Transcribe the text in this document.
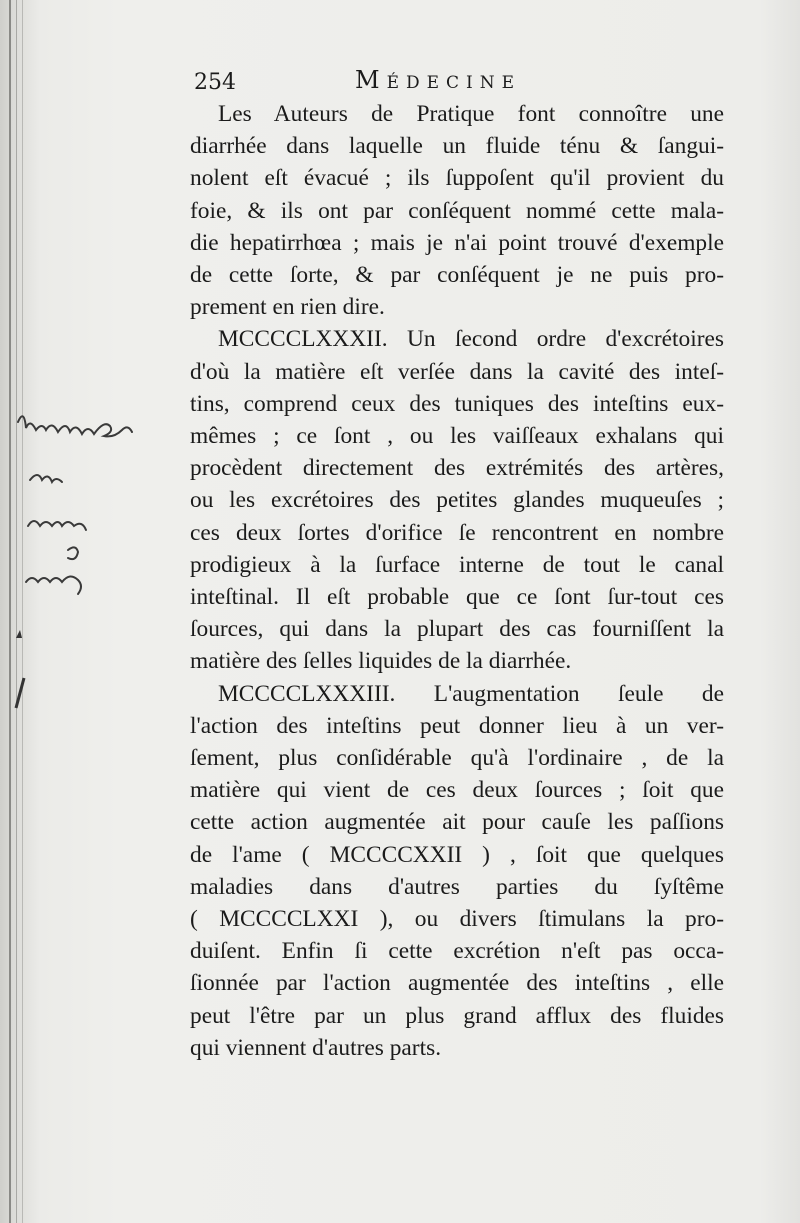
254	Médecine
Les Auteurs de Pratique font connoître une
diarrhée dans laquelle un fluide ténu & ſangui-
nolent eſt évacué ; ils ſuppoſent qu'il provient du
foie, & ils ont par conſéquent nommé cette mala-
die hepatirrhœa ; mais je n'ai point trouvé d'exemple
de cette ſorte, & par conſéquent je ne puis pro-
prement en rien dire.
MCCCCLXXXII. Un ſecond ordre d'excrétoires
d'où la matière eſt verſée dans la cavité des inteſ-
tins, comprend ceux des tuniques des inteſtins eux-
mêmes ; ce ſont , ou les vaiſſeaux exhalans qui
procèdent directement des extrémités des artères,
ou les excrétoires des petites glandes muqueuſes ;
ces deux ſortes d'orifice ſe rencontrent en nombre
prodigieux à la ſurface interne de tout le canal
inteſtinal. Il eſt probable que ce ſont ſur-tout ces
ſources, qui dans la plupart des cas fourniſſent la
matière des ſelles liquides de la diarrhée.
MCCCCLXXXIII. L'augmentation ſeule de
l'action des inteſtins peut donner lieu à un ver-
ſement, plus conſidérable qu'à l'ordinaire , de la
matière qui vient de ces deux ſources ; ſoit que
cette action augmentée ait pour cauſe les paſſions
de l'ame ( MCCCCXXII ) , ſoit que quelques
maladies dans d'autres parties du ſyſtême
( MCCCCLXXI ), ou divers ſtimulans la pro-
duiſent. Enfin ſi cette excrétion n'eſt pas occa-
ſionnée par l'action augmentée des inteſtins , elle
peut l'être par un plus grand afflux des fluides
qui viennent d'autres parts.
